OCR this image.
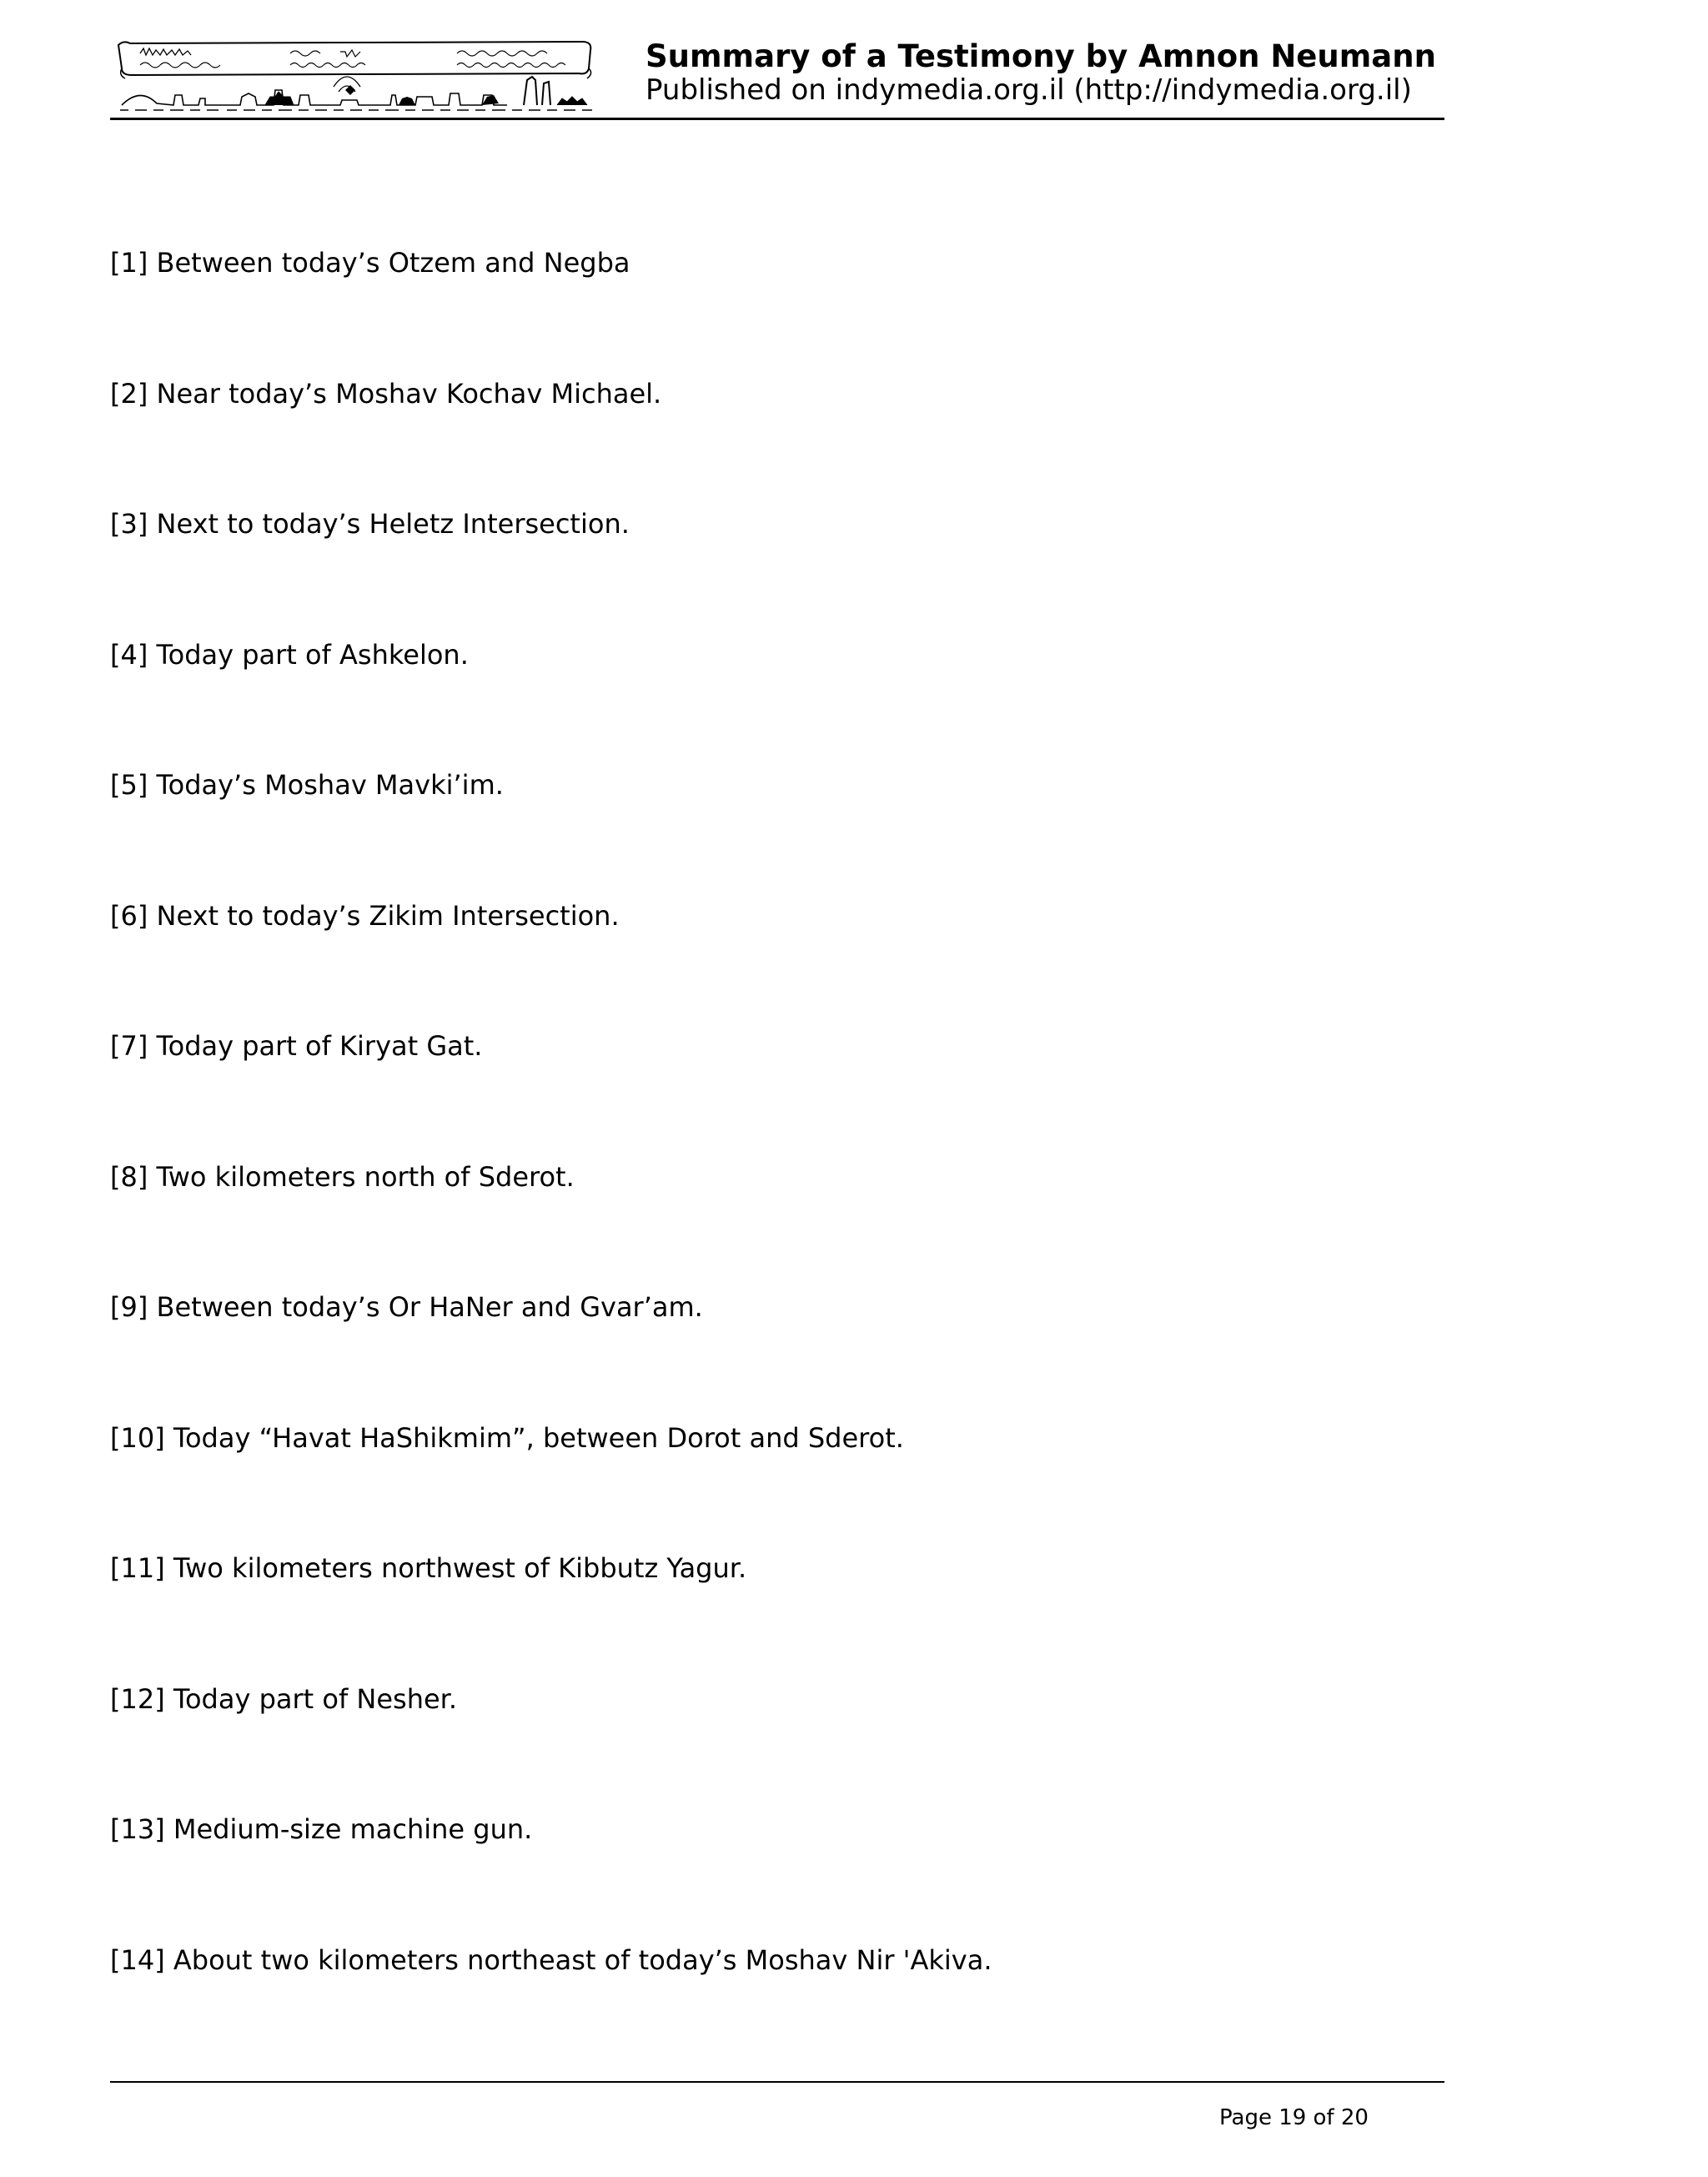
Summary of a Testimony by Amnon Neumann
Published on indymedia.org.il (http://indymedia.org.il)
[1] Between today’s Otzem and Negba
[2] Near today’s Moshav Kochav Michael.
[3] Next to today’s Heletz Intersection.
[4] Today part of Ashkelon.
[5] Today’s Moshav Mavki’im.
[6] Next to today’s Zikim Intersection.
[7] Today part of Kiryat Gat.
[8] Two kilometers north of Sderot.
[9] Between today’s Or HaNer and Gvar’am.
[10] Today “Havat HaShikmim”, between Dorot and Sderot.
[11] Two kilometers northwest of Kibbutz Yagur.
[12] Today part of Nesher.
[13] Medium-size machine gun.
[14] About two kilometers northeast of today’s Moshav Nir 'Akiva.
Page 19 of 20
